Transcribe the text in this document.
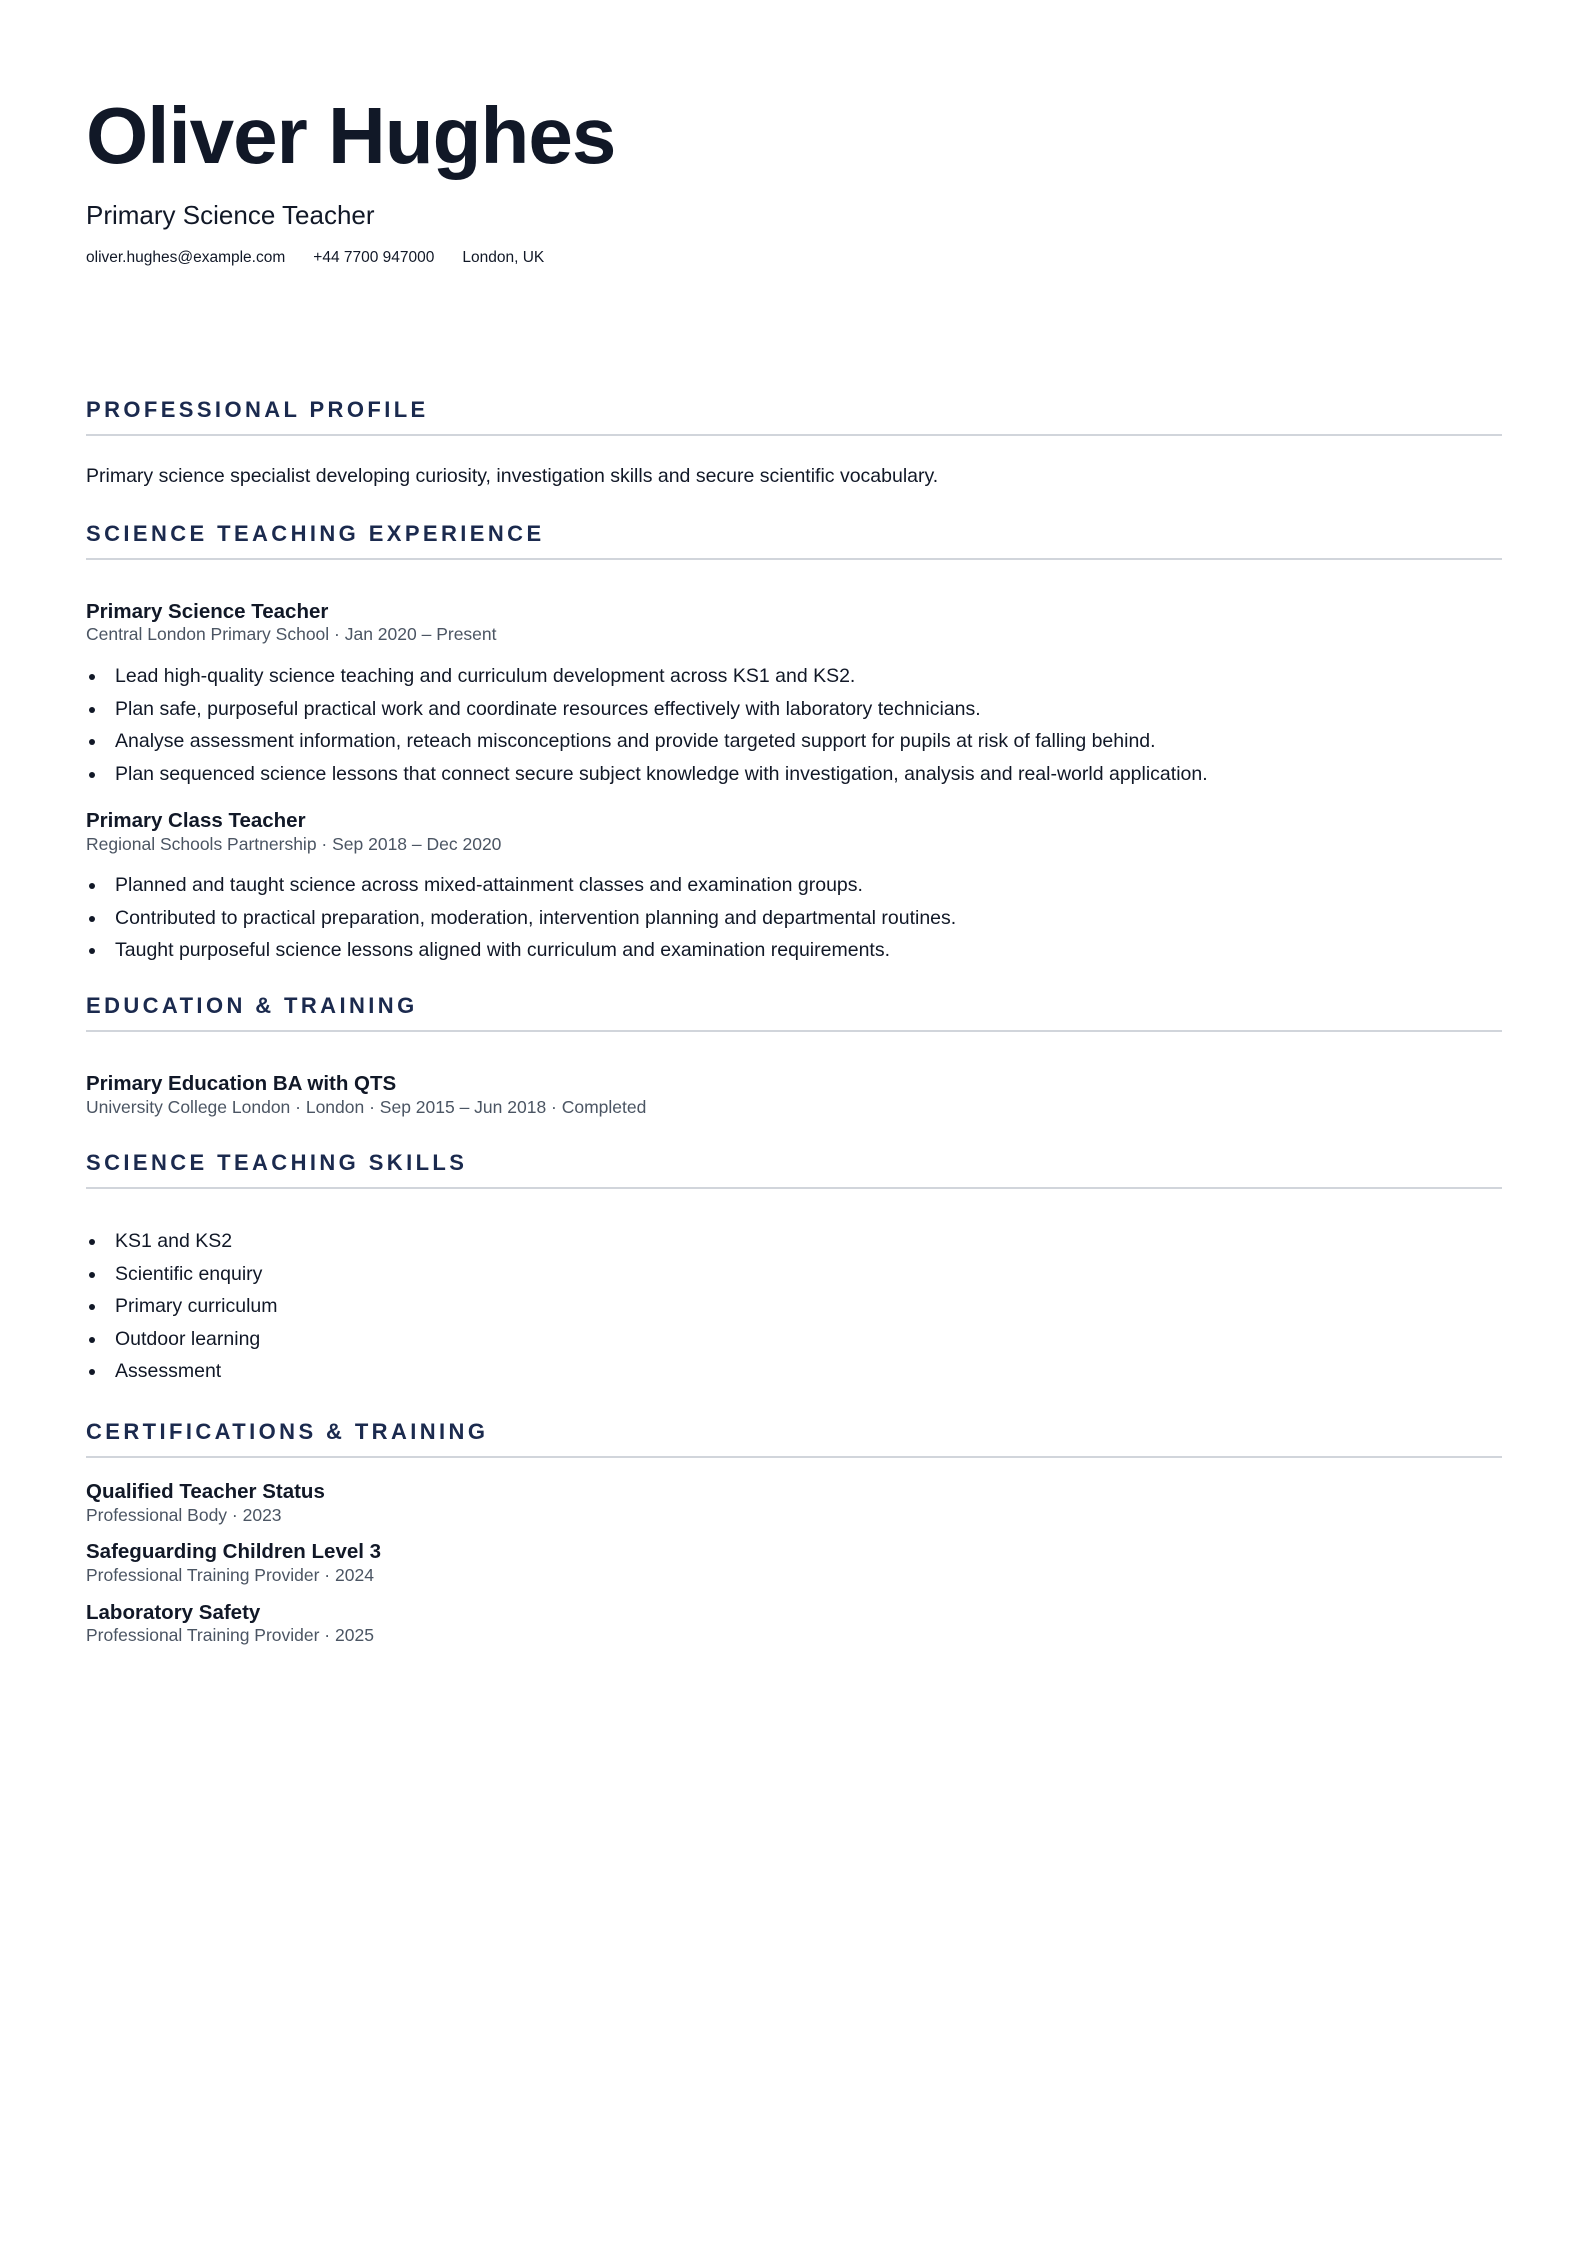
Oliver Hughes
Primary Science Teacher
oliver.hughes@example.com +44 7700 947000 London, UK
PROFESSIONAL PROFILE
Primary science specialist developing curiosity, investigation skills and secure scientific vocabulary.
SCIENCE TEACHING EXPERIENCE
Primary Science Teacher
Central London Primary School · Jan 2020 – Present
Lead high-quality science teaching and curriculum development across KS1 and KS2.
Plan safe, purposeful practical work and coordinate resources effectively with laboratory technicians.
Analyse assessment information, reteach misconceptions and provide targeted support for pupils at risk of falling behind.
Plan sequenced science lessons that connect secure subject knowledge with investigation, analysis and real-world application.
Primary Class Teacher
Regional Schools Partnership · Sep 2018 – Dec 2020
Planned and taught science across mixed-attainment classes and examination groups.
Contributed to practical preparation, moderation, intervention planning and departmental routines.
Taught purposeful science lessons aligned with curriculum and examination requirements.
EDUCATION & TRAINING
Primary Education BA with QTS
University College London · London · Sep 2015 – Jun 2018 · Completed
SCIENCE TEACHING SKILLS
KS1 and KS2
Scientific enquiry
Primary curriculum
Outdoor learning
Assessment
CERTIFICATIONS & TRAINING
Qualified Teacher Status
Professional Body · 2023
Safeguarding Children Level 3
Professional Training Provider · 2024
Laboratory Safety
Professional Training Provider · 2025
